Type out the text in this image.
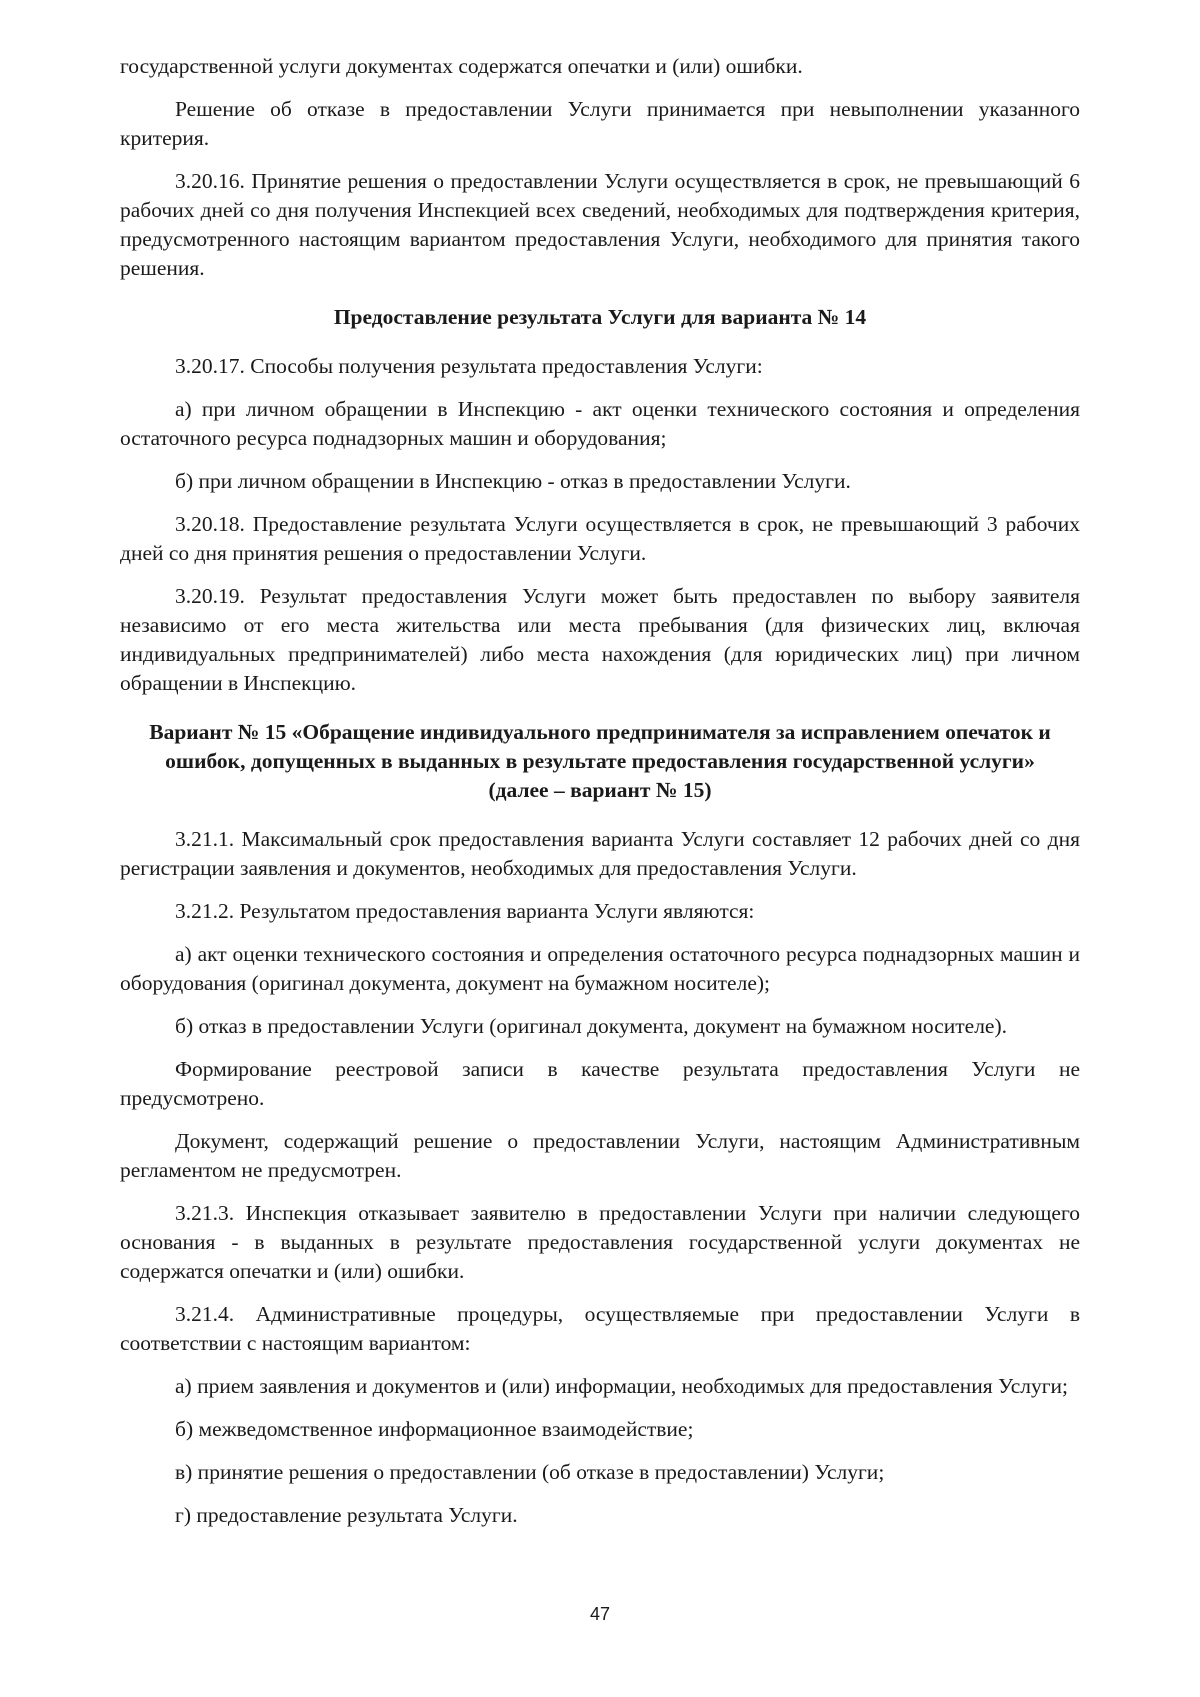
государственной услуги документах содержатся опечатки и (или) ошибки.

Решение об отказе в предоставлении Услуги принимается при невыполнении указанного критерия.

3.20.16. Принятие решения о предоставлении Услуги осуществляется в срок, не превышающий 6 рабочих дней со дня получения Инспекцией всех сведений, необходимых для подтверждения критерия, предусмотренного настоящим вариантом предоставления Услуги, необходимого для принятия такого решения.

Предоставление результата Услуги для варианта № 14

3.20.17. Способы получения результата предоставления Услуги:

а) при личном обращении в Инспекцию - акт оценки технического состояния и определения остаточного ресурса поднадзорных машин и оборудования;

б) при личном обращении в Инспекцию - отказ в предоставлении Услуги.

3.20.18. Предоставление результата Услуги осуществляется в срок, не превышающий 3 рабочих дней со дня принятия решения о предоставлении Услуги.

3.20.19. Результат предоставления Услуги может быть предоставлен по выбору заявителя независимо от его места жительства или места пребывания (для физических лиц, включая индивидуальных предпринимателей) либо места нахождения (для юридических лиц) при личном обращении в Инспекцию.

Вариант № 15 «Обращение индивидуального предпринимателя за исправлением опечаток и
ошибок, допущенных в выданных в результате предоставления государственной услуги»
(далее – вариант № 15)

3.21.1. Максимальный срок предоставления варианта Услуги составляет 12 рабочих дней со дня регистрации заявления и документов, необходимых для предоставления Услуги.

3.21.2. Результатом предоставления варианта Услуги являются:

а) акт оценки технического состояния и определения остаточного ресурса поднадзорных машин и оборудования (оригинал документа, документ на бумажном носителе);

б) отказ в предоставлении Услуги (оригинал документа, документ на бумажном носителе).

Формирование реестровой записи в качестве результата предоставления Услуги не предусмотрено.

Документ, содержащий решение о предоставлении Услуги, настоящим Административным регламентом не предусмотрен.

3.21.3. Инспекция отказывает заявителю в предоставлении Услуги при наличии следующего основания - в выданных в результате предоставления государственной услуги документах не содержатся опечатки и (или) ошибки.

3.21.4. Административные процедуры, осуществляемые при предоставлении Услуги в соответствии с настоящим вариантом:

а) прием заявления и документов и (или) информации, необходимых для предоставления Услуги;

б) межведомственное информационное взаимодействие;

в) принятие решения о предоставлении (об отказе в предоставлении) Услуги;

г) предоставление результата Услуги.

47
